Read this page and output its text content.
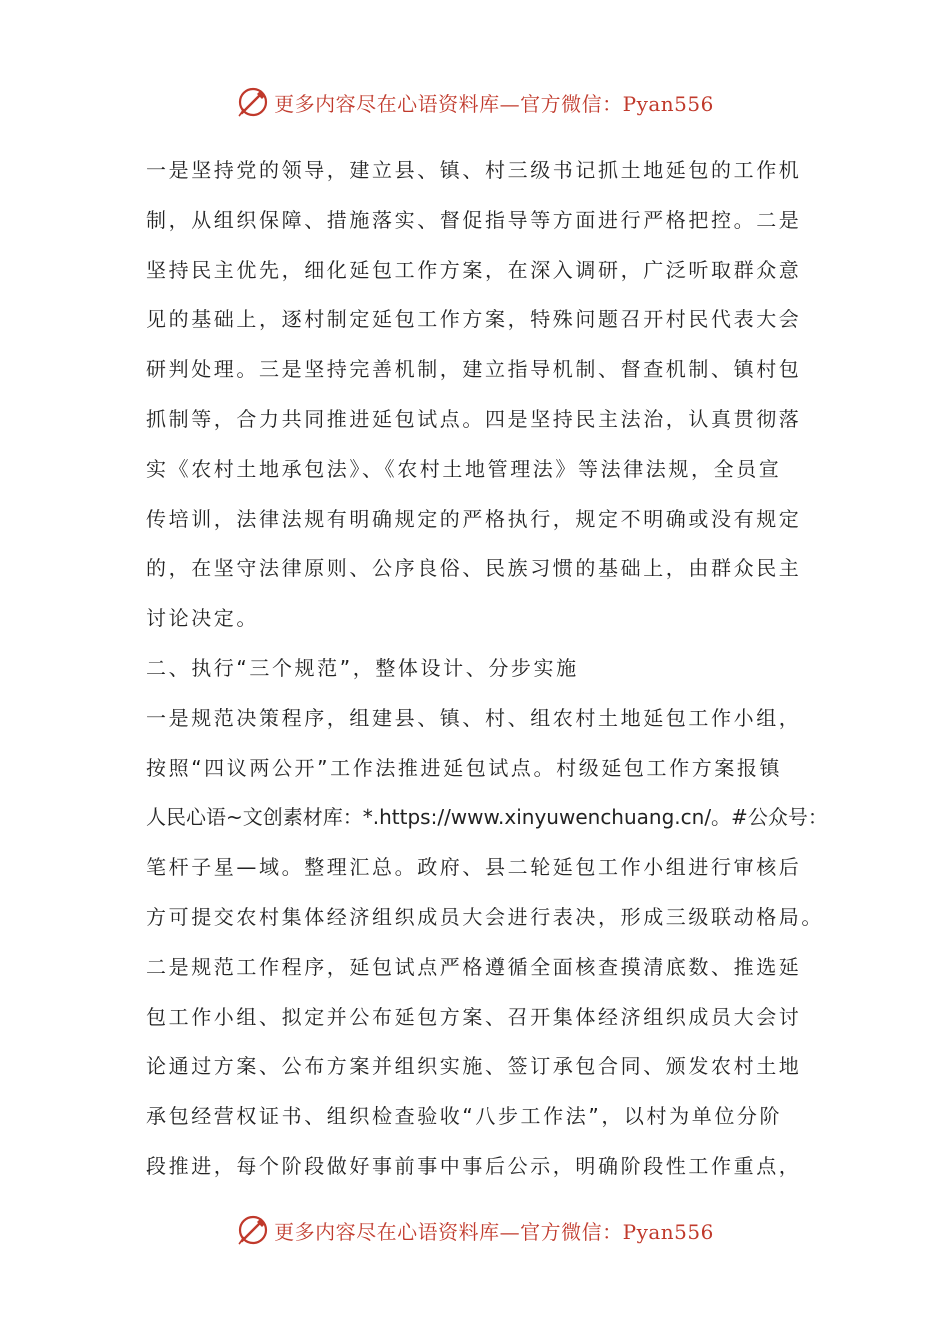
更多内容尽在心语资料库—官方微信：Pyan556
一是坚持党的领导，建立县、镇、村三级书记抓土地延包的工作机
制，从组织保障、措施落实、督促指导等方面进行严格把控。二是
坚持民主优先，细化延包工作方案，在深入调研，广泛听取群众意
见的基础上，逐村制定延包工作方案，特殊问题召开村民代表大会
研判处理。三是坚持完善机制，建立指导机制、督查机制、镇村包
抓制等，合力共同推进延包试点。四是坚持民主法治，认真贯彻落
实《农村土地承包法》、《农村土地管理法》等法律法规，全员宣
传培训，法律法规有明确规定的严格执行，规定不明确或没有规定
的，在坚守法律原则、公序良俗、民族习惯的基础上，由群众民主
讨论决定。
二、执行“三个规范”，整体设计、分步实施
一是规范决策程序，组建县、镇、村、组农村土地延包工作小组，
按照“四议两公开”工作法推进延包试点。村级延包工作方案报镇
人民心语~文创素材库：*.https://www.xinyuwenchuang.cn/。#公众号：
笔杆子星—域。整理汇总。政府、县二轮延包工作小组进行审核后
方可提交农村集体经济组织成员大会进行表决，形成三级联动格局。
二是规范工作程序，延包试点严格遵循全面核查摸清底数、推选延
包工作小组、拟定并公布延包方案、召开集体经济组织成员大会讨
论通过方案、公布方案并组织实施、签订承包合同、颁发农村土地
承包经营权证书、组织检查验收“八步工作法”，以村为单位分阶
段推进，每个阶段做好事前事中事后公示，明确阶段性工作重点，
更多内容尽在心语资料库—官方微信：Pyan556
